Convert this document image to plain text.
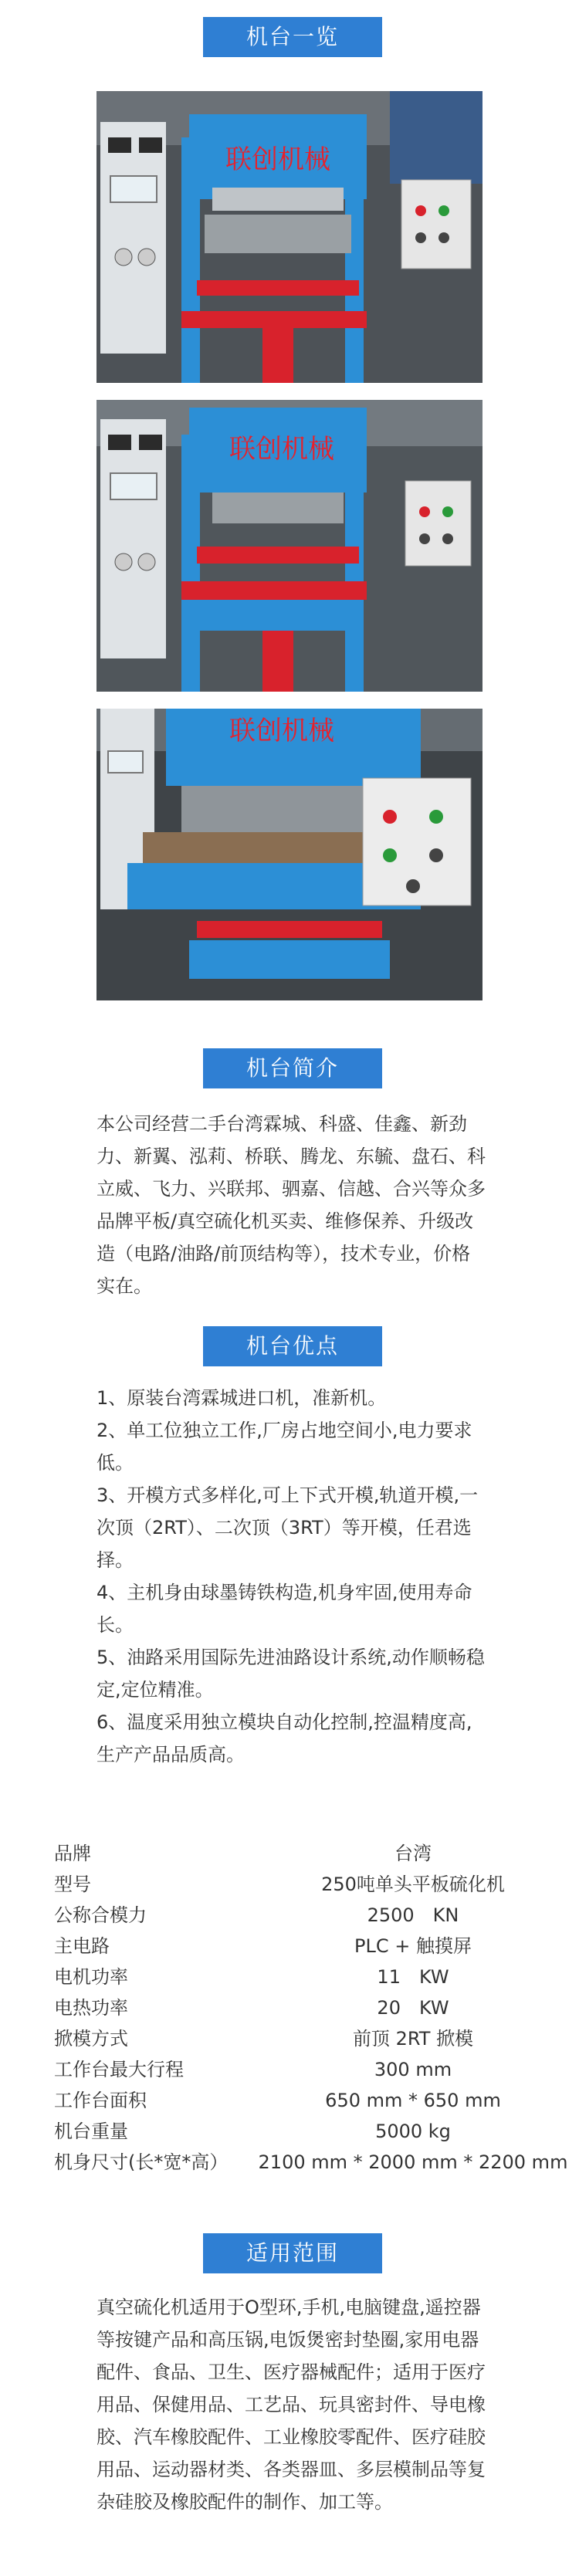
机台一览
联创机械
联创机械
联创机械
机台简介
本公司经营二手台湾霖城、科盛、佳鑫、新劲力、新翼、泓莉、桥联、腾龙、东毓、盘石、科立威、飞力、兴联邦、驷嘉、信越、合兴等众多品牌平板/真空硫化机买卖、维修保养、升级改造（电路/油路/前顶结构等），技术专业，价格实在。
机台优点

1、原装台湾霖城进口机，准新机。

2、单工位独立工作,厂房占地空间小,电力要求低。

3、开模方式多样化,可上下式开模,轨道开模,一次顶（2RT）、二次顶（3RT）等开模，任君选择。

4、主机身由球墨铸铁构造,机身牢固,使用寿命长。

5、油路采用国际先进油路设计系统,动作顺畅稳定,定位精准。

6、温度采用独立模块自动化控制,控温精度高,生产产品品质高。

品牌	台湾
型号	250吨单头平板硫化机
公称合模力	2500　KN
主电路	PLC + 触摸屏
电机功率	11　KW
电热功率	20　KW
掀模方式	前顶 2RT 掀模
工作台最大行程	300 mm
工作台面积	650 mm * 650 mm
机台重量	5000 kg
机身尺寸(长*宽*高）	2100 mm * 2000 mm * 2200 mm
适用范围
真空硫化机适用于O型环,手机,电脑键盘,遥控器等按键产品和高压锅,电饭煲密封垫圈,家用电器配件、食品、卫生、医疗器械配件；适用于医疗用品、保健用品、工艺品、玩具密封件、导电橡胶、汽车橡胶配件、工业橡胶零配件、医疗硅胶用品、运动器材类、各类器皿、多层模制品等复杂硅胶及橡胶配件的制作、加工等。
